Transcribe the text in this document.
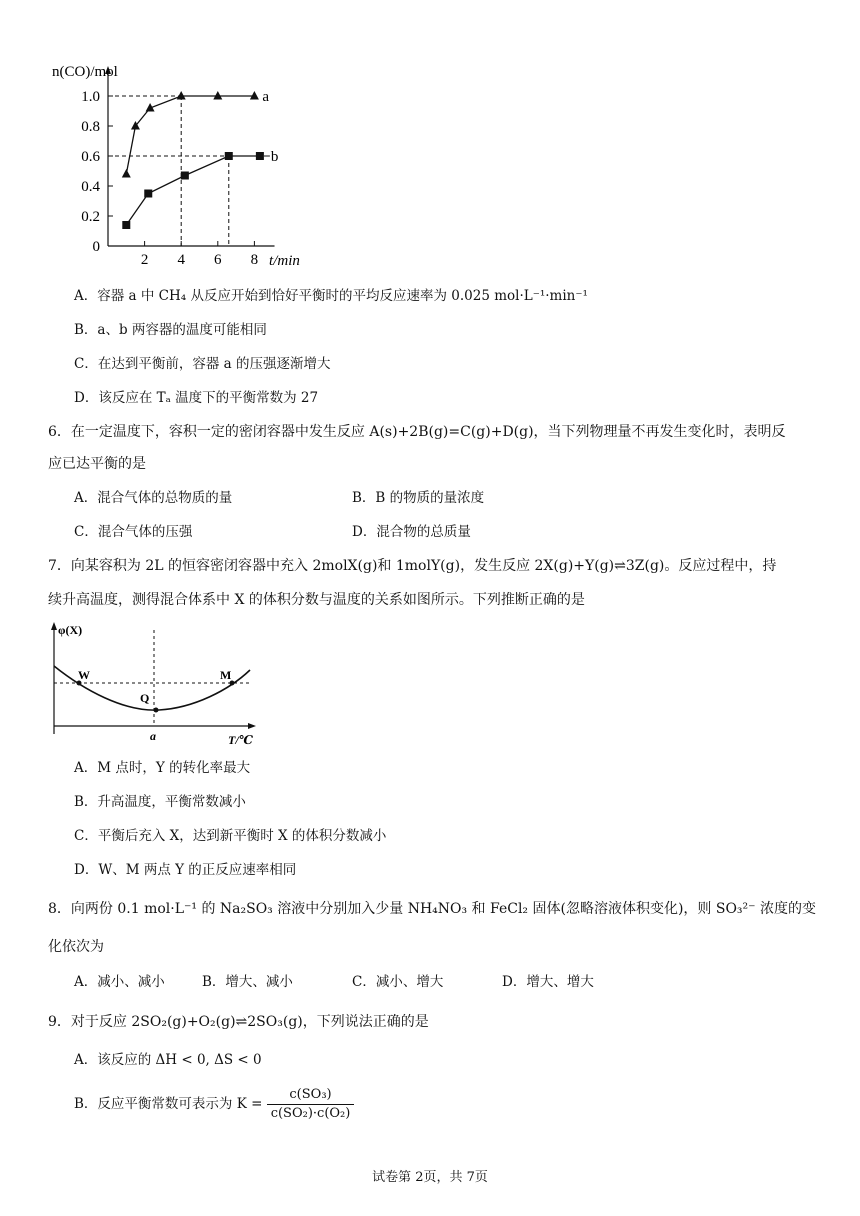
0
0.2
0.4
0.6
0.8
1.0
2 4 6 8
n(CO)/mol
t/min
a
b
A．容器 a 中 CH₄ 从反应开始到恰好平衡时的平均反应速率为 0.025 mol·L⁻¹·min⁻¹
B．a、b 两容器的温度可能相同
C．在达到平衡前，容器 a 的压强逐渐增大
D．该反应在 Tₐ 温度下的平衡常数为 27
6．在一定温度下，容积一定的密闭容器中发生反应 A(s)+2B(g)=C(g)+D(g)，当下列物理量不再发生变化时，表明反
应已达平衡的是
A．混合气体的总物质的量	B．B 的物质的量浓度
C．混合气体的压强	D．混合物的总质量
7．向某容积为 2L 的恒容密闭容器中充入 2molX(g)和 1molY(g)，发生反应 2X(g)+Y(g)⇌3Z(g)。反应过程中，持
续升高温度，测得混合体系中 X 的体积分数与温度的关系如图所示。下列推断正确的是
φ(X)
T/℃
W	M
Q
a
A．M 点时，Y 的转化率最大
B．升高温度，平衡常数减小
C．平衡后充入 X，达到新平衡时 X 的体积分数减小
D．W、M 两点 Y 的正反应速率相同
8．向两份 0.1 mol·L⁻¹ 的 Na₂SO₃ 溶液中分别加入少量 NH₄NO₃ 和 FeCl₂ 固体(忽略溶液体积变化)，则 SO₃²⁻ 浓度的变
化依次为
A．减小、减小	B．增大、减小	C．减小、增大	D．增大、增大
9．对于反应 2SO₂(g)+O₂(g)⇌2SO₃(g)，下列说法正确的是
A．该反应的 ΔH < 0, ΔS < 0
B．反应平衡常数可表示为 $K = \frac{\text{c(SO₃)}}{\text{c(SO₂)·c(O₂)}}$
试卷第 2页，共 7页
